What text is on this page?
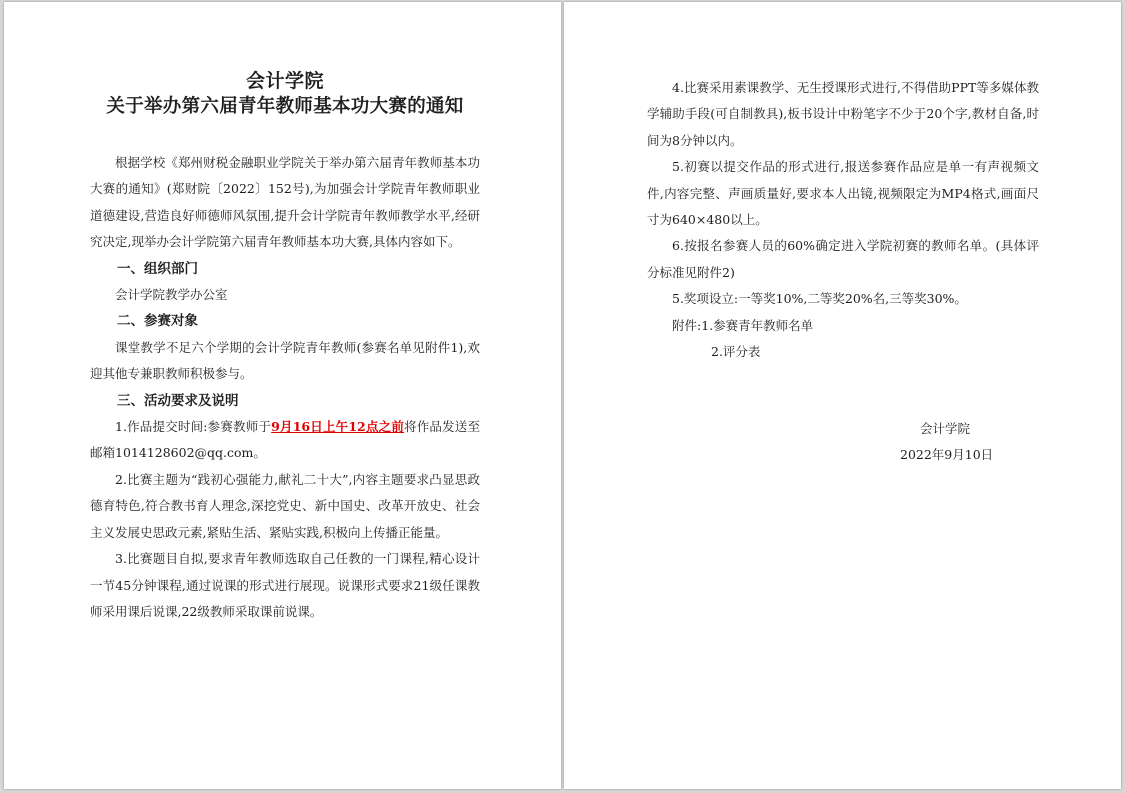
会计学院
关于举办第六届青年教师基本功大赛的通知

根据学校《郑州财税金融职业学院关于举办第六届青年教师基本功大赛的通知》(郑财院〔2022〕152号),为加强会计学院青年教师职业道德建设,营造良好师德师风氛围,提升会计学院青年教师教学水平,经研究决定,现举办会计学院第六届青年教师基本功大赛,具体内容如下。

一、组织部门

会计学院教学办公室

二、参赛对象

课堂教学不足六个学期的会计学院青年教师(参赛名单见附件1),欢迎其他专兼职教师积极参与。

三、活动要求及说明

1.作品提交时间:参赛教师于9月16日上午12点之前将作品发送至邮箱1014128602@qq.com。

2.比赛主题为“践初心强能力,献礼二十大”,内容主题要求凸显思政德育特色,符合教书育人理念,深挖党史、新中国史、改革开放史、社会主义发展史思政元素,紧贴生活、紧贴实践,积极向上传播正能量。

3.比赛题目自拟,要求青年教师选取自己任教的一门课程,精心设计一节45分钟课程,通过说课的形式进行展现。说课形式要求21级任课教师采用课后说课,22级教师采取课前说课。

4.比赛采用素课教学、无生授课形式进行,不得借助PPT等多媒体教学辅助手段(可自制教具),板书设计中粉笔字不少于20个字,教材自备,时间为8分钟以内。

5.初赛以提交作品的形式进行,报送参赛作品应是单一有声视频文件,内容完整、声画质量好,要求本人出镜,视频限定为MP4格式,画面尺寸为640×480以上。

6.按报名参赛人员的60%确定进入学院初赛的教师名单。(具体评分标准见附件2)

5.奖项设立:一等奖10%,二等奖20%名,三等奖30%。

附件:1.参赛青年教师名单

2.评分表

会计学院

2022年9月10日
